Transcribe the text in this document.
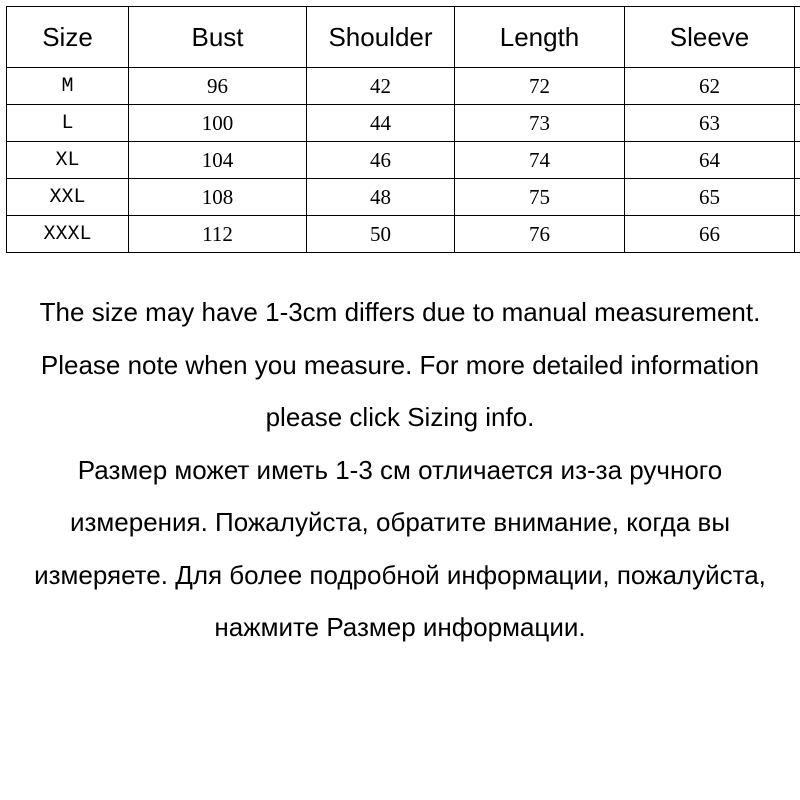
Size	Bust	Shoulder	Length	Sleeve	
M	96	42	72	62	
L	100	44	73	63	
XL	104	46	74	64	
XXL	108	48	75	65	
XXXL	112	50	76	66	

The size may have 1-3cm differs due to manual measurement. Please note when you measure. For more detailed information please click Sizing info.

Размер может иметь 1-3 см отличается из-за ручного измерения. Пожалуйста, обратите внимание, когда вы измеряете. Для более подробной информации, пожалуйста, нажмите Размер информации.
